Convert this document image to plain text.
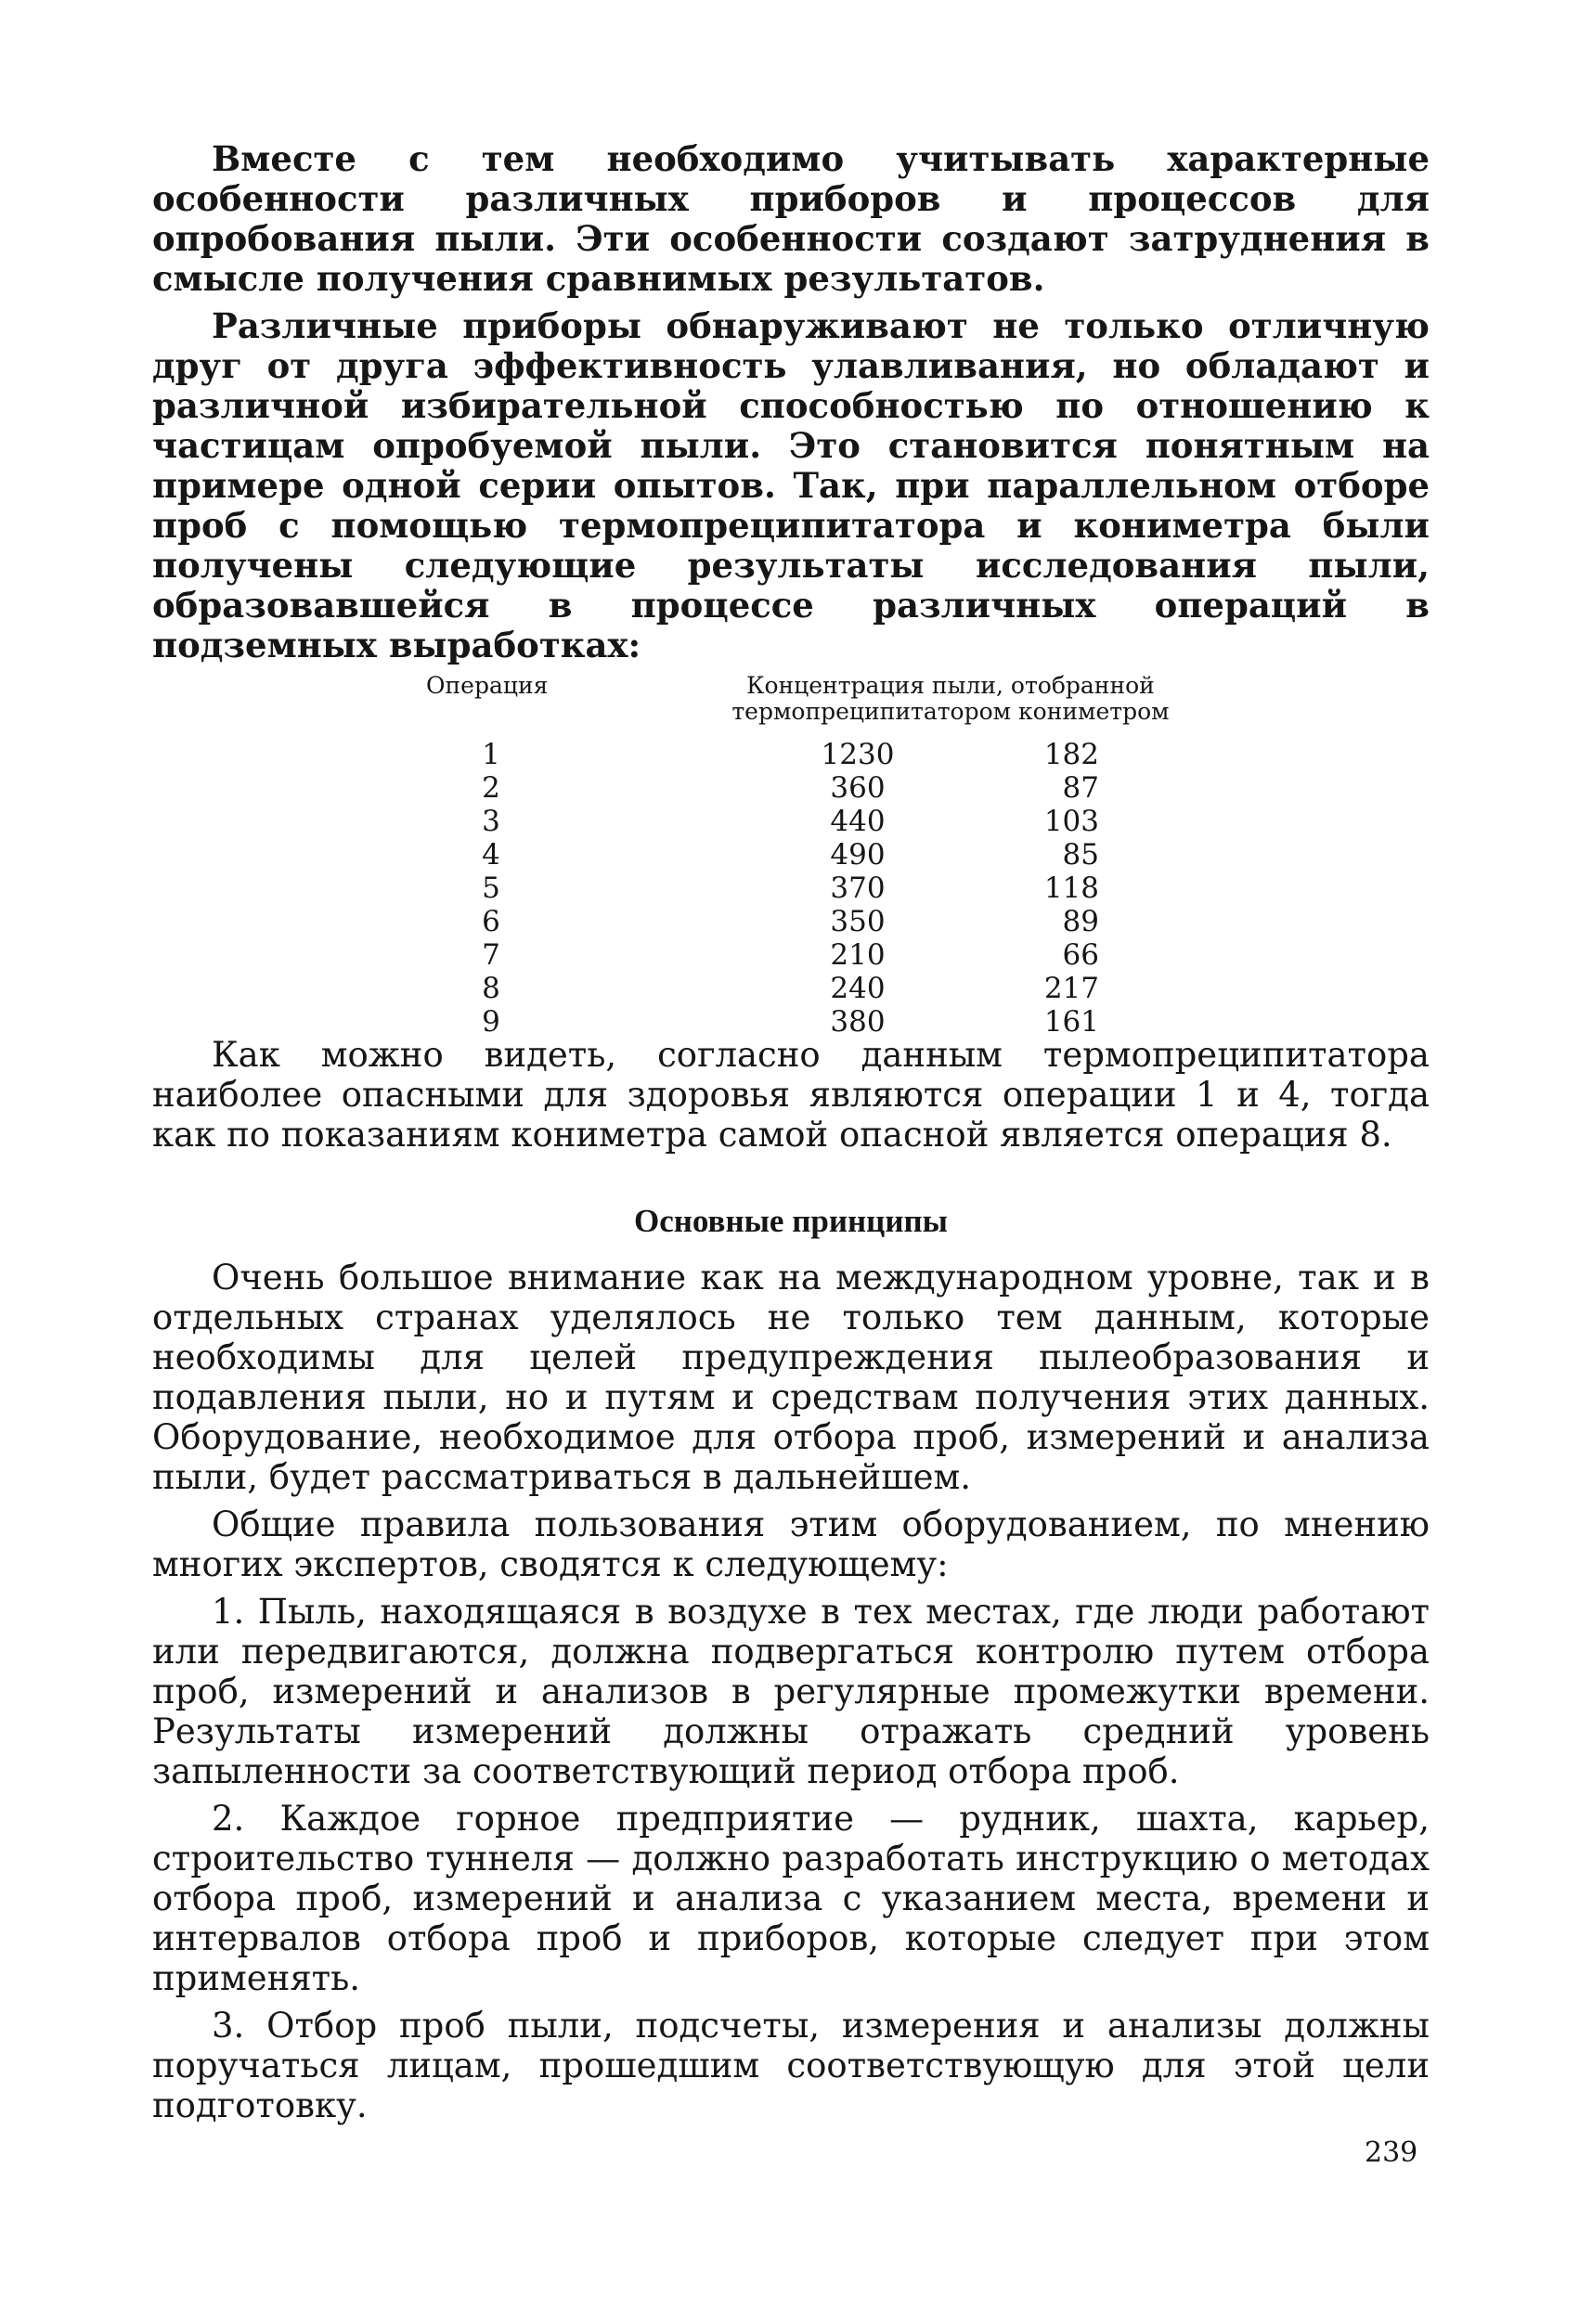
Вместе с тем необходимо учитывать характерные особенности различных приборов и процессов для опробования пыли. Эти особенности создают затруднения в смысле получения сравнимых результатов.

Различные приборы обнаруживают не только отличную друг от друга эффективность улавливания, но обладают и различной избирательной способностью по отношению к частицам опробуемой пыли. Это становится понятным на примере одной серии опытов. Так, при параллельном отборе проб с помощью термопреципитатора и кониметра были получены следующие результаты исследования пыли, образовавшейся в процессе различных операций в подземных выработках:

Операция	Концентрация пыли, отобранной
термопреципитатором кониметром
1	1230	182
2	360	87
3	440	103
4	490	85
5	370	118
6	350	89
7	210	66
8	240	217
9	380	161

Как можно видеть, согласно данным термопреципитатора наиболее опасными для здоровья являются операции 1 и 4, тогда как по показаниям кониметра самой опасной является операция 8.

Основные принципы

Очень большое внимание как на международном уровне, так и в отдельных странах уделялось не только тем данным, которые необходимы для целей предупреждения пылеобразования и подавления пыли, но и путям и средствам получения этих данных. Оборудование, необходимое для отбора проб, измерений и анализа пыли, будет рассматриваться в дальнейшем.

Общие правила пользования этим оборудованием, по мнению многих экспертов, сводятся к следующему:

1. Пыль, находящаяся в воздухе в тех местах, где люди работают или передвигаются, должна подвергаться контролю путем отбора проб, измерений и анализов в регулярные промежутки времени. Результаты измерений должны отражать средний уровень запыленности за соответствующий период отбора проб.

2. Каждое горное предприятие — рудник, шахта, карьер, строительство туннеля — должно разработать инструкцию о методах отбора проб, измерений и анализа с указанием места, времени и интервалов отбора проб и приборов, которые следует при этом применять.

3. Отбор проб пыли, подсчеты, измерения и анализы должны поручаться лицам, прошедшим соответствующую для этой цели подготовку.

239
